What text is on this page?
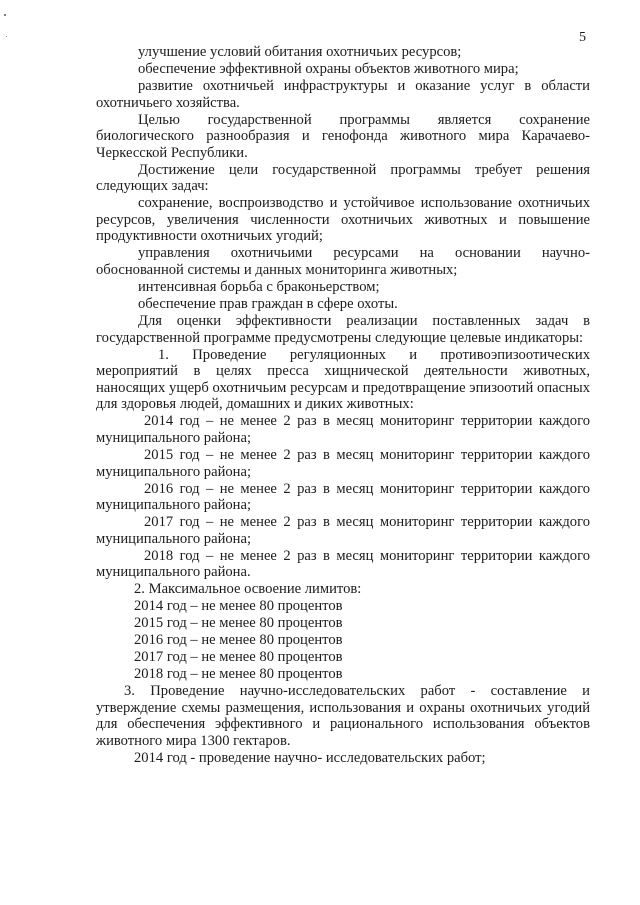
5

улучшение условий обитания охотничьих ресурсов;

обеспечение эффективной охраны объектов животного мира;

развитие охотничьей инфраструктуры и оказание услуг в области охотничьего хозяйства.

Целью государственной программы является сохранение биологического разнообразия и генофонда животного мира Карачаево-Черкесской Республики.

Достижение цели государственной программы требует решения следующих задач:

сохранение, воспроизводство и устойчивое использование охотничьих ресурсов, увеличения численности охотничьих животных и повышение продуктивности охотничьих угодий;

управления охотничьими ресурсами на основании научно-обоснованной системы и данных мониторинга животных;

интенсивная борьба с браконьерством;

обеспечение прав граждан в сфере охоты.

Для оценки эффективности реализации поставленных задач в государственной программе предусмотрены следующие целевые индикаторы:

1. Проведение регуляционных и противоэпизоотических мероприятий в целях пресса хищнической деятельности животных, наносящих ущерб охотничьим ресурсам и предотвращение эпизоотий опасных для здоровья людей, домашних и диких животных:

2014 год – не менее 2 раз в месяц мониторинг территории каждого муниципального района;

2015 год – не менее 2 раз в месяц мониторинг территории каждого муниципального района;

2016 год – не менее 2 раз в месяц мониторинг территории каждого муниципального района;

2017 год – не менее 2 раз в месяц мониторинг территории каждого муниципального района;

2018 год – не менее 2 раз в месяц мониторинг территории каждого муниципального района.

2. Максимальное освоение лимитов:

2014 год – не менее 80 процентов

2015 год – не менее 80 процентов

2016 год – не менее 80 процентов

2017 год – не менее 80 процентов

2018 год – не менее 80 процентов

3. Проведение научно-исследовательских работ - составление и утверждение схемы размещения, использования и охраны охотничьих угодий для обеспечения эффективного и рационального использования объектов животного мира 1300 гектаров.

2014 год - проведение научно- исследовательских работ;
